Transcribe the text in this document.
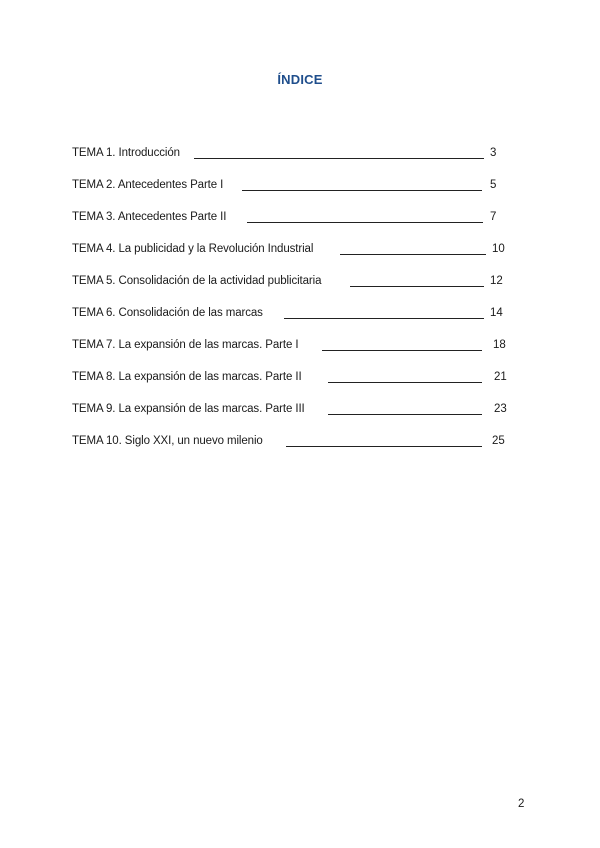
ÍNDICE
TEMA 1. Introducción	3
TEMA 2. Antecedentes Parte I	5
TEMA 3. Antecedentes Parte II	7
TEMA 4. La publicidad y la Revolución Industrial	10
TEMA 5. Consolidación de la actividad publicitaria	12
TEMA 6. Consolidación de las marcas	14
TEMA 7. La expansión de las marcas. Parte I	18
TEMA 8. La expansión de las marcas. Parte II	21
TEMA 9. La expansión de las marcas. Parte III	23
TEMA 10. Siglo XXI, un nuevo milenio	25
2
